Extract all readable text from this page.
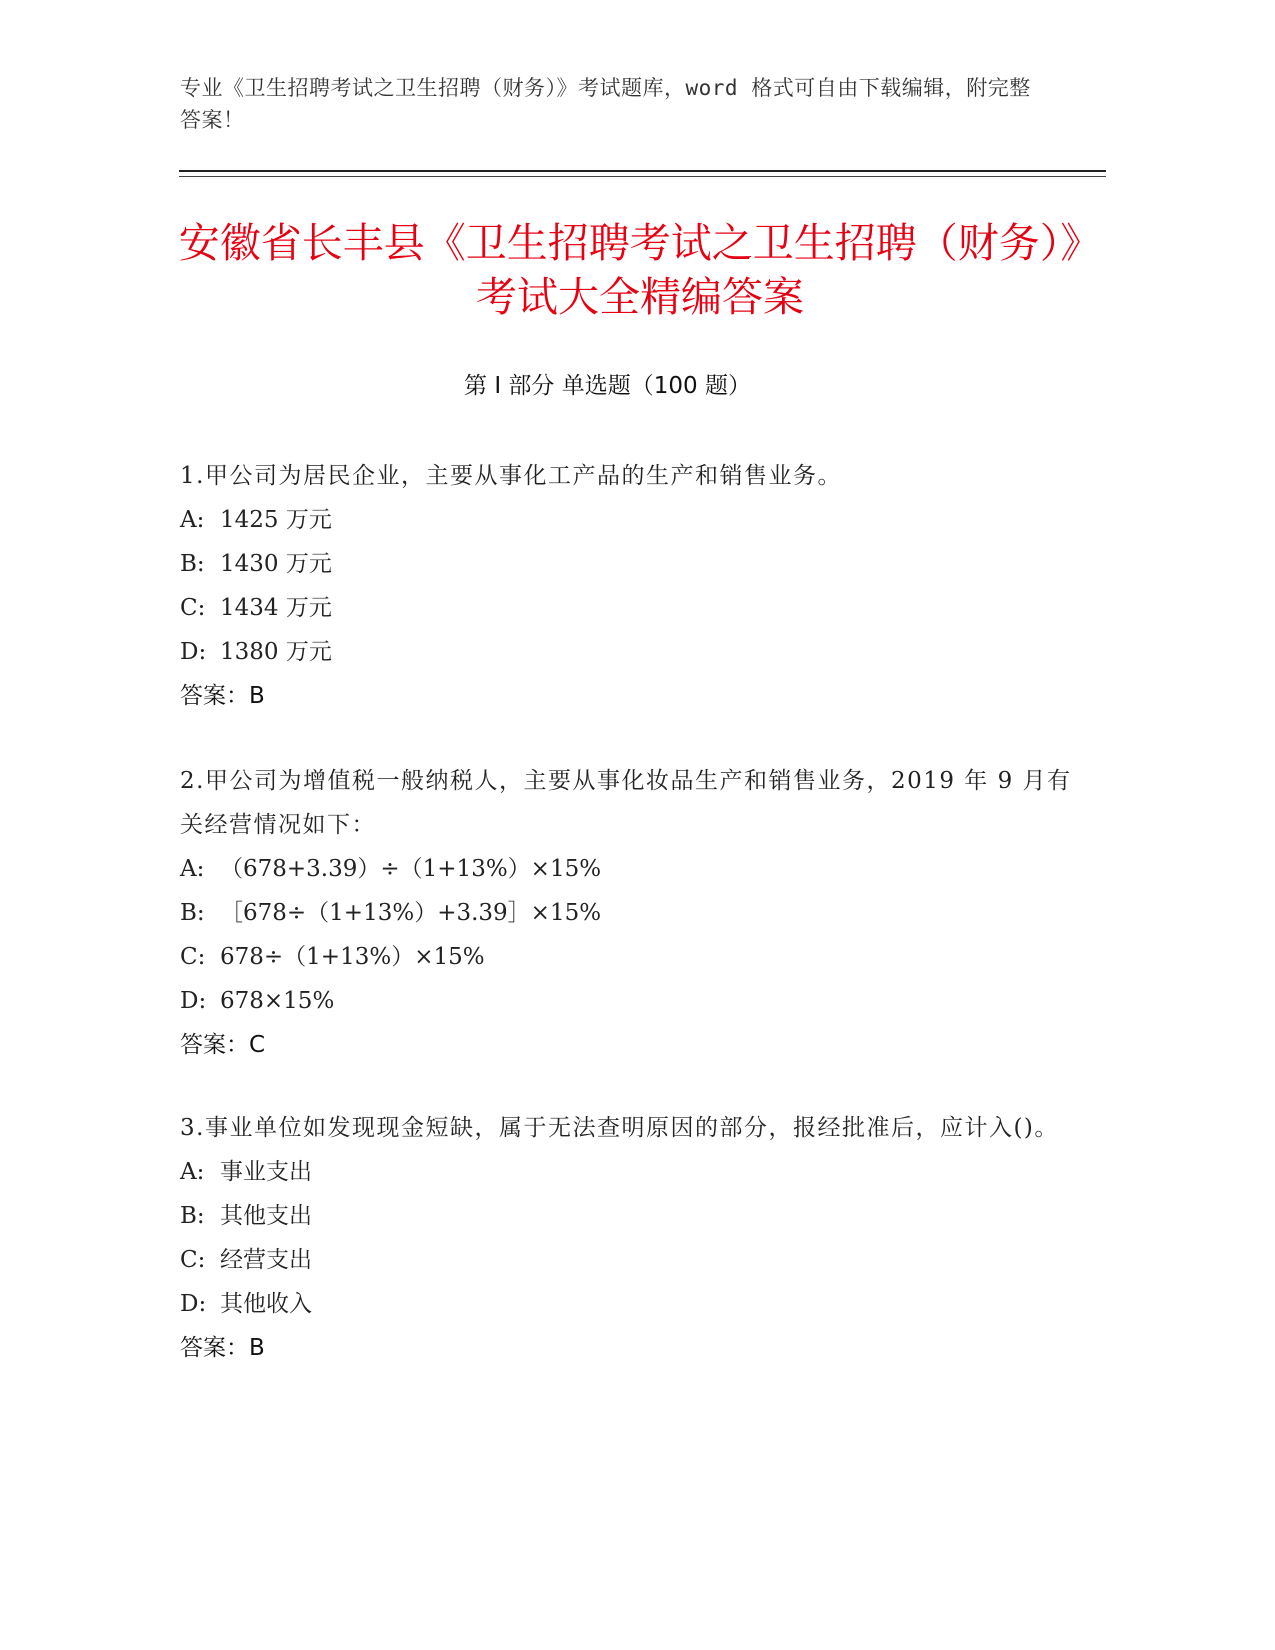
专业《卫生招聘考试之卫生招聘（财务）》考试题库，word 格式可自由下载编辑，附完整答案！
安徽省长丰县《卫生招聘考试之卫生招聘（财务）》考试大全精编答案
第 I 部分 单选题（100 题）
1.甲公司为居民企业，主要从事化工产品的生产和销售业务。
A: 1425 万元
B: 1430 万元
C: 1434 万元
D: 1380 万元
答案：B
2.甲公司为增值税一般纳税人，主要从事化妆品生产和销售业务，2019 年 9 月有关经营情况如下：
A: （678+3.39）÷（1+13%）×15%
B: ［678÷（1+13%）+3.39］×15%
C: 678÷（1+13%）×15%
D: 678×15%
答案：C
3.事业单位如发现现金短缺，属于无法查明原因的部分，报经批准后，应计入()。
A: 事业支出
B: 其他支出
C: 经营支出
D: 其他收入
答案：B
